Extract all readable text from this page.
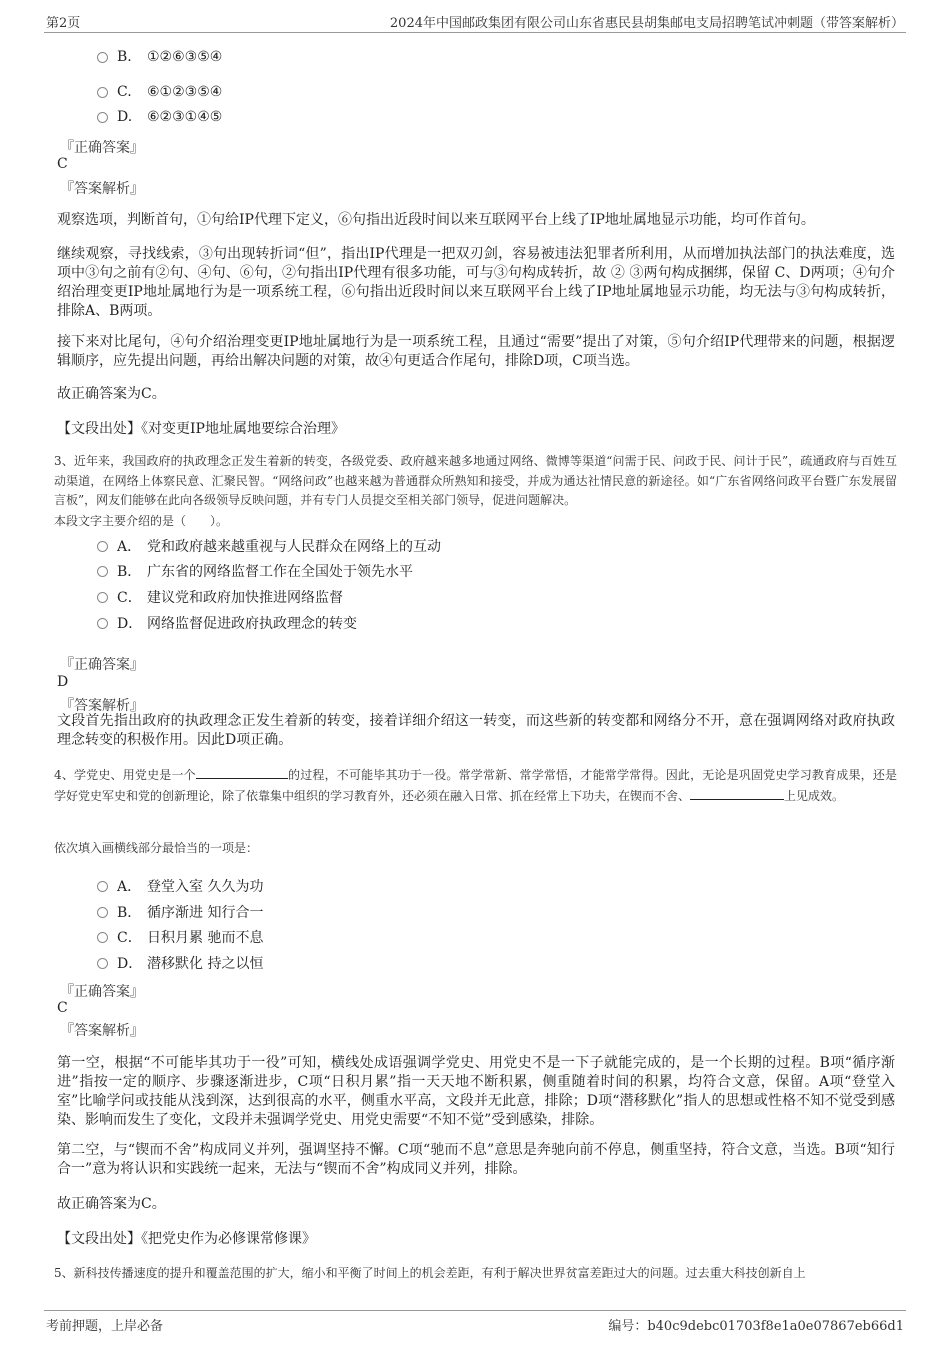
第2页	2024年中国邮政集团有限公司山东省惠民县胡集邮电支局招聘笔试冲刺题（带答案解析）
B.	①②⑥③⑤④
C.	⑥①②③⑤④
D.	⑥②③①④⑤
『正确答案』
C
『答案解析』
观察选项，判断首句，①句给IP代理下定义，⑥句指出近段时间以来互联网平台上线了IP地址属地显示功能，均可作首句。
继续观察，寻找线索，③句出现转折词“但”，指出IP代理是一把双刃剑，容易被违法犯罪者所利用，从而增加执法部门的执法难度，选项中③句之前有②句、④句、⑥句，②句指出IP代理有很多功能，可与③句构成转折，故 ② ③两句构成捆绑，保留 C、D两项；④句介绍治理变更IP地址属地行为是一项系统工程，⑥句指出近段时间以来互联网平台上线了IP地址属地显示功能，均无法与③句构成转折，排除A、B两项。
接下来对比尾句，④句介绍治理变更IP地址属地行为是一项系统工程，且通过“需要”提出了对策，⑤句介绍IP代理带来的问题，根据逻辑顺序，应先提出问题，再给出解决问题的对策，故④句更适合作尾句，排除D项，C项当选。
故正确答案为C。
【文段出处】《对变更IP地址属地要综合治理》
3、近年来，我国政府的执政理念正发生着新的转变，各级党委、政府越来越多地通过网络、微博等渠道“问需于民、问政于民、问计于民”，疏通政府与百姓互动渠道，在网络上体察民意、汇聚民智。“网络问政”也越来越为普通群众所熟知和接受，并成为通达社情民意的新途径。如“广东省网络问政平台暨广东发展留言板”，网友们能够在此向各级领导反映问题，并有专门人员提交至相关部门领导，促进问题解决。
本段文字主要介绍的是（　　）。
A． 党和政府越来越重视与人民群众在网络上的互动
B． 广东省的网络监督工作在全国处于领先水平
C． 建议党和政府加快推进网络监督
D． 网络监督促进政府执政理念的转变
『正确答案』
D
『答案解析』
文段首先指出政府的执政理念正发生着新的转变，接着详细介绍这一转变，而这些新的转变都和网络分不开，意在强调网络对政府执政理念转变的积极作用。因此D项正确。
4、学党史、用党史是一个	的过程，不可能毕其功于一役。常学常新、常学常悟，才能常学常得。因此，无论是巩固党史学习教育成果，还是学好党史军史和党的创新理论，除了依靠集中组织的学习教育外，还必须在融入日常、抓在经常上下功夫，在锲而不舍、	上见成效。
依次填入画横线部分最恰当的一项是：
A． 登堂入室 久久为功
B． 循序渐进 知行合一
C． 日积月累 驰而不息
D． 潜移默化 持之以恒
『正确答案』
C
『答案解析』
第一空，根据“不可能毕其功于一役”可知，横线处成语强调学党史、用党史不是一下子就能完成的，是一个长期的过程。B项“循序渐进”指按一定的顺序、步骤逐渐进步，C项“日积月累”指一天天地不断积累，侧重随着时间的积累，均符合文意，保留。A项“登堂入室”比喻学问或技能从浅到深，达到很高的水平，侧重水平高，文段并无此意，排除；D项“潜移默化”指人的思想或性格不知不觉受到感染、影响而发生了变化，文段并未强调学党史、用党史需要“不知不觉”受到感染，排除。
第二空，与“锲而不舍”构成同义并列，强调坚持不懈。C项“驰而不息”意思是奔驰向前不停息，侧重坚持，符合文意，当选。B项“知行合一”意为将认识和实践统一起来，无法与“锲而不舍”构成同义并列，排除。
故正确答案为C。
【文段出处】《把党史作为必修课常修课》
5、新科技传播速度的提升和覆盖范围的扩大，缩小和平衡了时间上的机会差距，有利于解决世界贫富差距过大的问题。过去重大科技创新自上
考前押题，上岸必备	编号：b40c9debc01703f8e1a0e07867eb66d1
